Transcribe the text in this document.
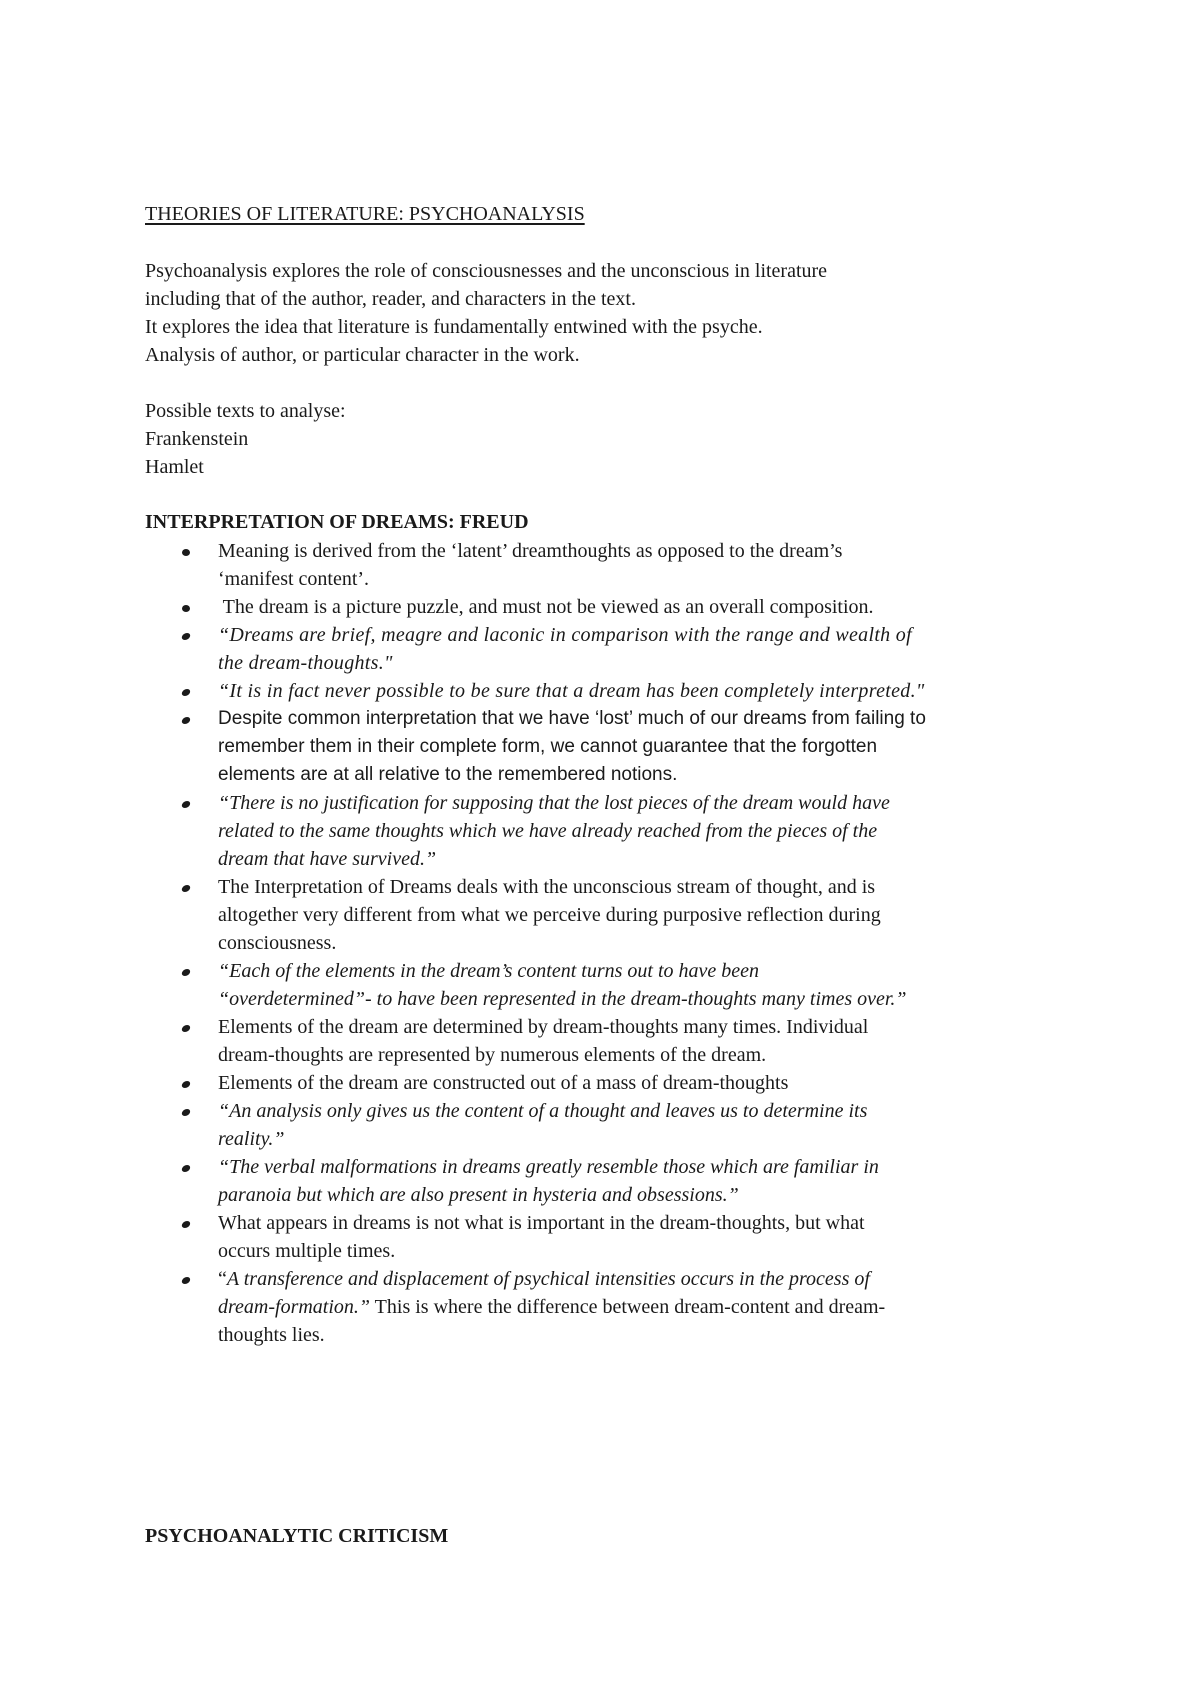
THEORIES OF LITERATURE: PSYCHOANALYSIS
Psychoanalysis explores the role of consciousnesses and the unconscious in literature
including that of the author, reader, and characters in the text.
It explores the idea that literature is fundamentally entwined with the psyche.
Analysis of author, or particular character in the work.
Possible texts to analyse:
Frankenstein
Hamlet
INTERPRETATION OF DREAMS: FREUD
Meaning is derived from the ‘latent’ dreamthoughts as opposed to the dream’s
‘manifest content’.
The dream is a picture puzzle, and must not be viewed as an overall composition.
“Dreams are brief, meagre and laconic in comparison with the range and wealth of
the dream-thoughts."
“It is in fact never possible to be sure that a dream has been completely interpreted."
Despite common interpretation that we have ‘lost’ much of our dreams from failing to
remember them in their complete form, we cannot guarantee that the forgotten
elements are at all relative to the remembered notions.
“There is no justification for supposing that the lost pieces of the dream would have
related to the same thoughts which we have already reached from the pieces of the
dream that have survived.”
The Interpretation of Dreams deals with the unconscious stream of thought, and is
altogether very different from what we perceive during purposive reflection during
consciousness.
“Each of the elements in the dream’s content turns out to have been
“overdetermined”- to have been represented in the dream-thoughts many times over.”
Elements of the dream are determined by dream-thoughts many times. Individual
dream-thoughts are represented by numerous elements of the dream.
Elements of the dream are constructed out of a mass of dream-thoughts
“An analysis only gives us the content of a thought and leaves us to determine its
reality.”
“The verbal malformations in dreams greatly resemble those which are familiar in
paranoia but which are also present in hysteria and obsessions.”
What appears in dreams is not what is important in the dream-thoughts, but what
occurs multiple times.
“A transference and displacement of psychical intensities occurs in the process of
dream-formation.” This is where the difference between dream-content and dream-
thoughts lies.
PSYCHOANALYTIC CRITICISM
